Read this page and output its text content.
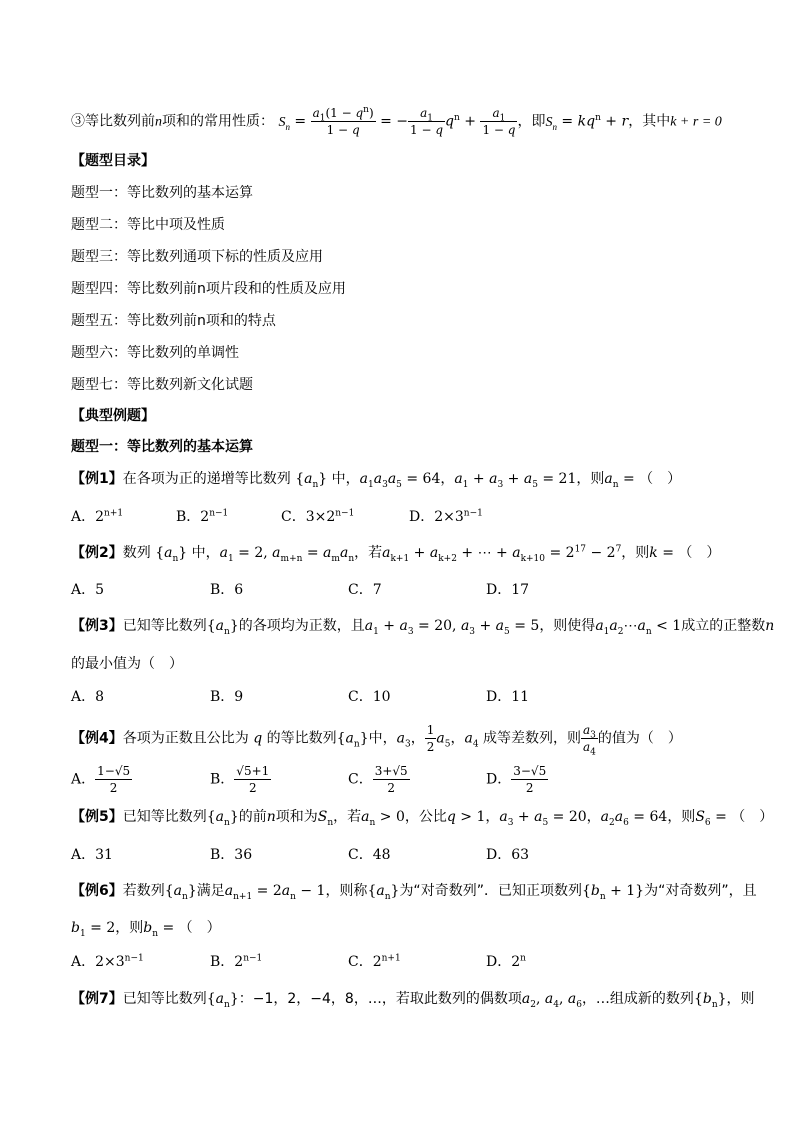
③等比数列前n项和的常用性质： $S_n = \frac{a_1(1 - q^n)}{1 - q}$ = − $\frac{a_1}{1 - q} q^n + \frac{a_1}{1 - q}$ ，即$S_n = kq^n + r$，其中k + r = 0
【题型目录】
题型一：等比数列的基本运算
题型二：等比中项及性质
题型三：等比数列通项下标的性质及应用
题型四：等比数列前n项片段和的性质及应用
题型五：等比数列前n项和的特点
题型六：等比数列的单调性
题型七：等比数列新文化试题
【典型例题】
题型一：等比数列的基本运算
【例1】在各项为正的递增等比数列 $\{a_n\}$ 中，$a_1a_3a_5 = 64$，$a_1 + a_3 + a_5 = 21$，则$a_n$ = （　）
A．$2^{n+1}$	B．$2^{n-1}$	C．$3\times 2^{n-1}$	D．$2\times 3^{n-1}$
【例2】数列 $\{a_n\}$ 中，$a_1 = 2$, $a_{m+n} = a_ma_n$，若$a_{k+1} + a_{k+2}$ + ⋯ + $a_{k+10} = 2^{17} - 2^7$，则k = （　）
A．5	B．6	C．7	D．17
【例3】已知等比数列$\{a_n\}$的各项均为正数，且$a_1 + a_3 = 20$, $a_3 + a_5 = 5$，则使得$a_1a_2\cdots a_n < 1$成立的正整数n
的最小值为（　）
A．8	B．9	C．10	D．11
【例4】各项为正数且公比为 q 的等比数列$\{a_n\}$中，$a_3$， $\frac{1}{2} a_5$，$a_4$ 成等差数列，则 $\frac{a_3}{a_4}$ 的值为（　）
A． $\frac{1-√5}{2}$	B． $\frac{√5+1}{2}$	C． $\frac{3+√5}{2}$	D． $\frac{3-√5}{2}$
【例5】已知等比数列$\{a_n\}$的前n项和为$S_n$，若$a_n > 0$，公比q > 1，$a_3 + a_5 = 20$，$a_2a_6 = 64$，则$S_6$ = （　）
A．31	B．36	C．48	D．63
【例6】若数列$\{a_n\}$满足$a_{n+1} = 2a_n - 1$，则称$\{a_n\}$为“对奇数列”．已知正项数列$\{b_n + 1\}$为“对奇数列”，且
$b_1 = 2$，则$b_n$ = （　）
A．$2\times 3^{n-1}$	B．$2^{n-1}$	C．$2^{n+1}$	D．2$^n$
【例7】已知等比数列$\{a_n\}$：−1，2，−4，8，…，若取此数列的偶数项$a_2$, $a_4$, $a_6$，…组成新的数列$\{b_n\}$，则
